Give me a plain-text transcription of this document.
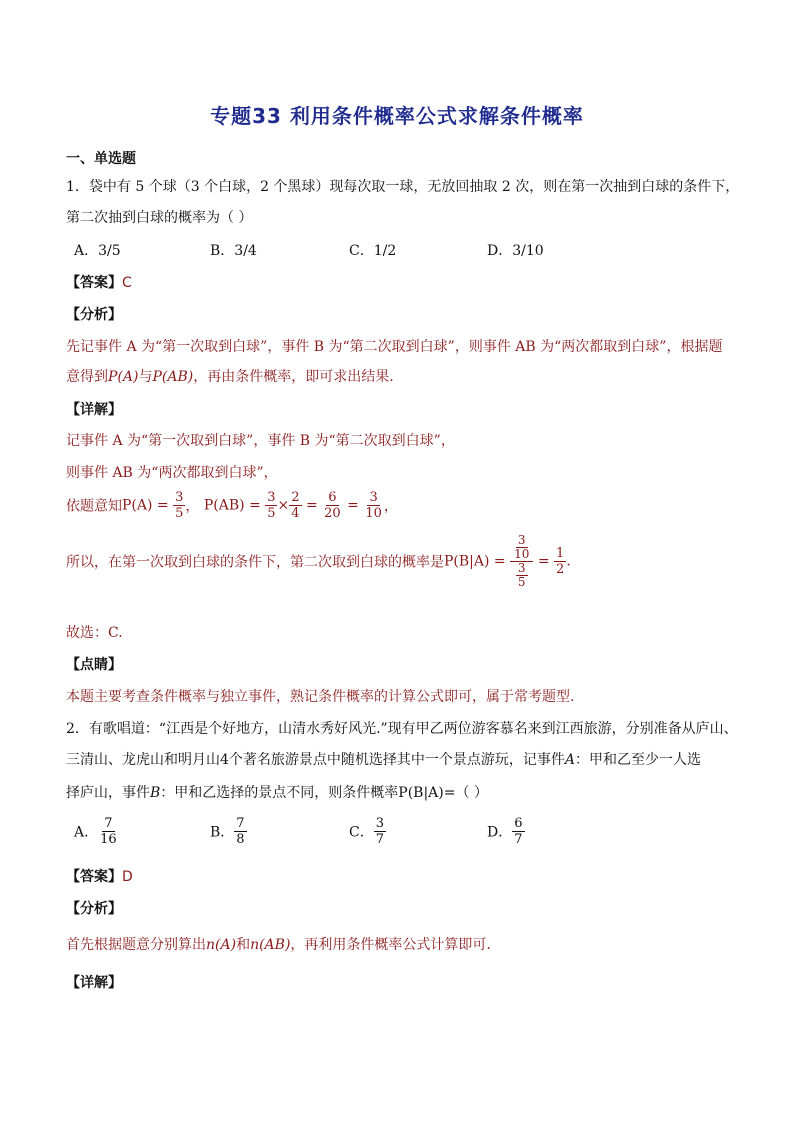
专题33 利用条件概率公式求解条件概率
一、单选题
1．袋中有 5 个球（3 个白球，2 个黑球）现每次取一球，无放回抽取 2 次，则在第一次抽到白球的条件下，
第二次抽到白球的概率为（ ）
A．3/5	B．3/4	C．1/2	D．3/10
【答案】C
【分析】
先记事件 A 为“第一次取到白球”，事件 B 为“第二次取到白球”，则事件 AB 为“两次都取到白球”，根据题
意得到P(A)与P(AB)，再由条件概率，即可求出结果.
【详解】
记事件 A 为“第一次取到白球”，事件 B 为“第二次取到白球”，
则事件 AB 为“两次都取到白球”，
依题意知$P(A) = \frac{3}{5}$ ， $P(AB) = \frac{3}{5} \times \frac{2}{4} = \frac{6}{20} = \frac{3}{10}$ ，
所以，在第一次取到白球的条件下，第二次取到白球的概率是$P(B|A) = \frac{\frac{3}{10}}{\frac{3}{5}} = \frac{1}{2}$ .
故选：C.
【点睛】
本题主要考查条件概率与独立事件，熟记条件概率的计算公式即可，属于常考题型.
2．有歌唱道：“江西是个好地方，山清水秀好风光.”现有甲乙两位游客慕名来到江西旅游，分别准备从庐山、
三清山、龙虎山和明月山4个著名旅游景点中随机选择其中一个景点游玩，记事件A：甲和乙至少一人选
择庐山，事件B：甲和乙选择的景点不同，则条件概率P(B|A)=（ ）
A． $\frac{7}{16}$	B． $\frac{7}{8}$	C． $\frac{3}{7}$	D． $\frac{6}{7}$
【答案】D
【分析】
首先根据题意分别算出n(A)和n(AB)，再利用条件概率公式计算即可.
【详解】
